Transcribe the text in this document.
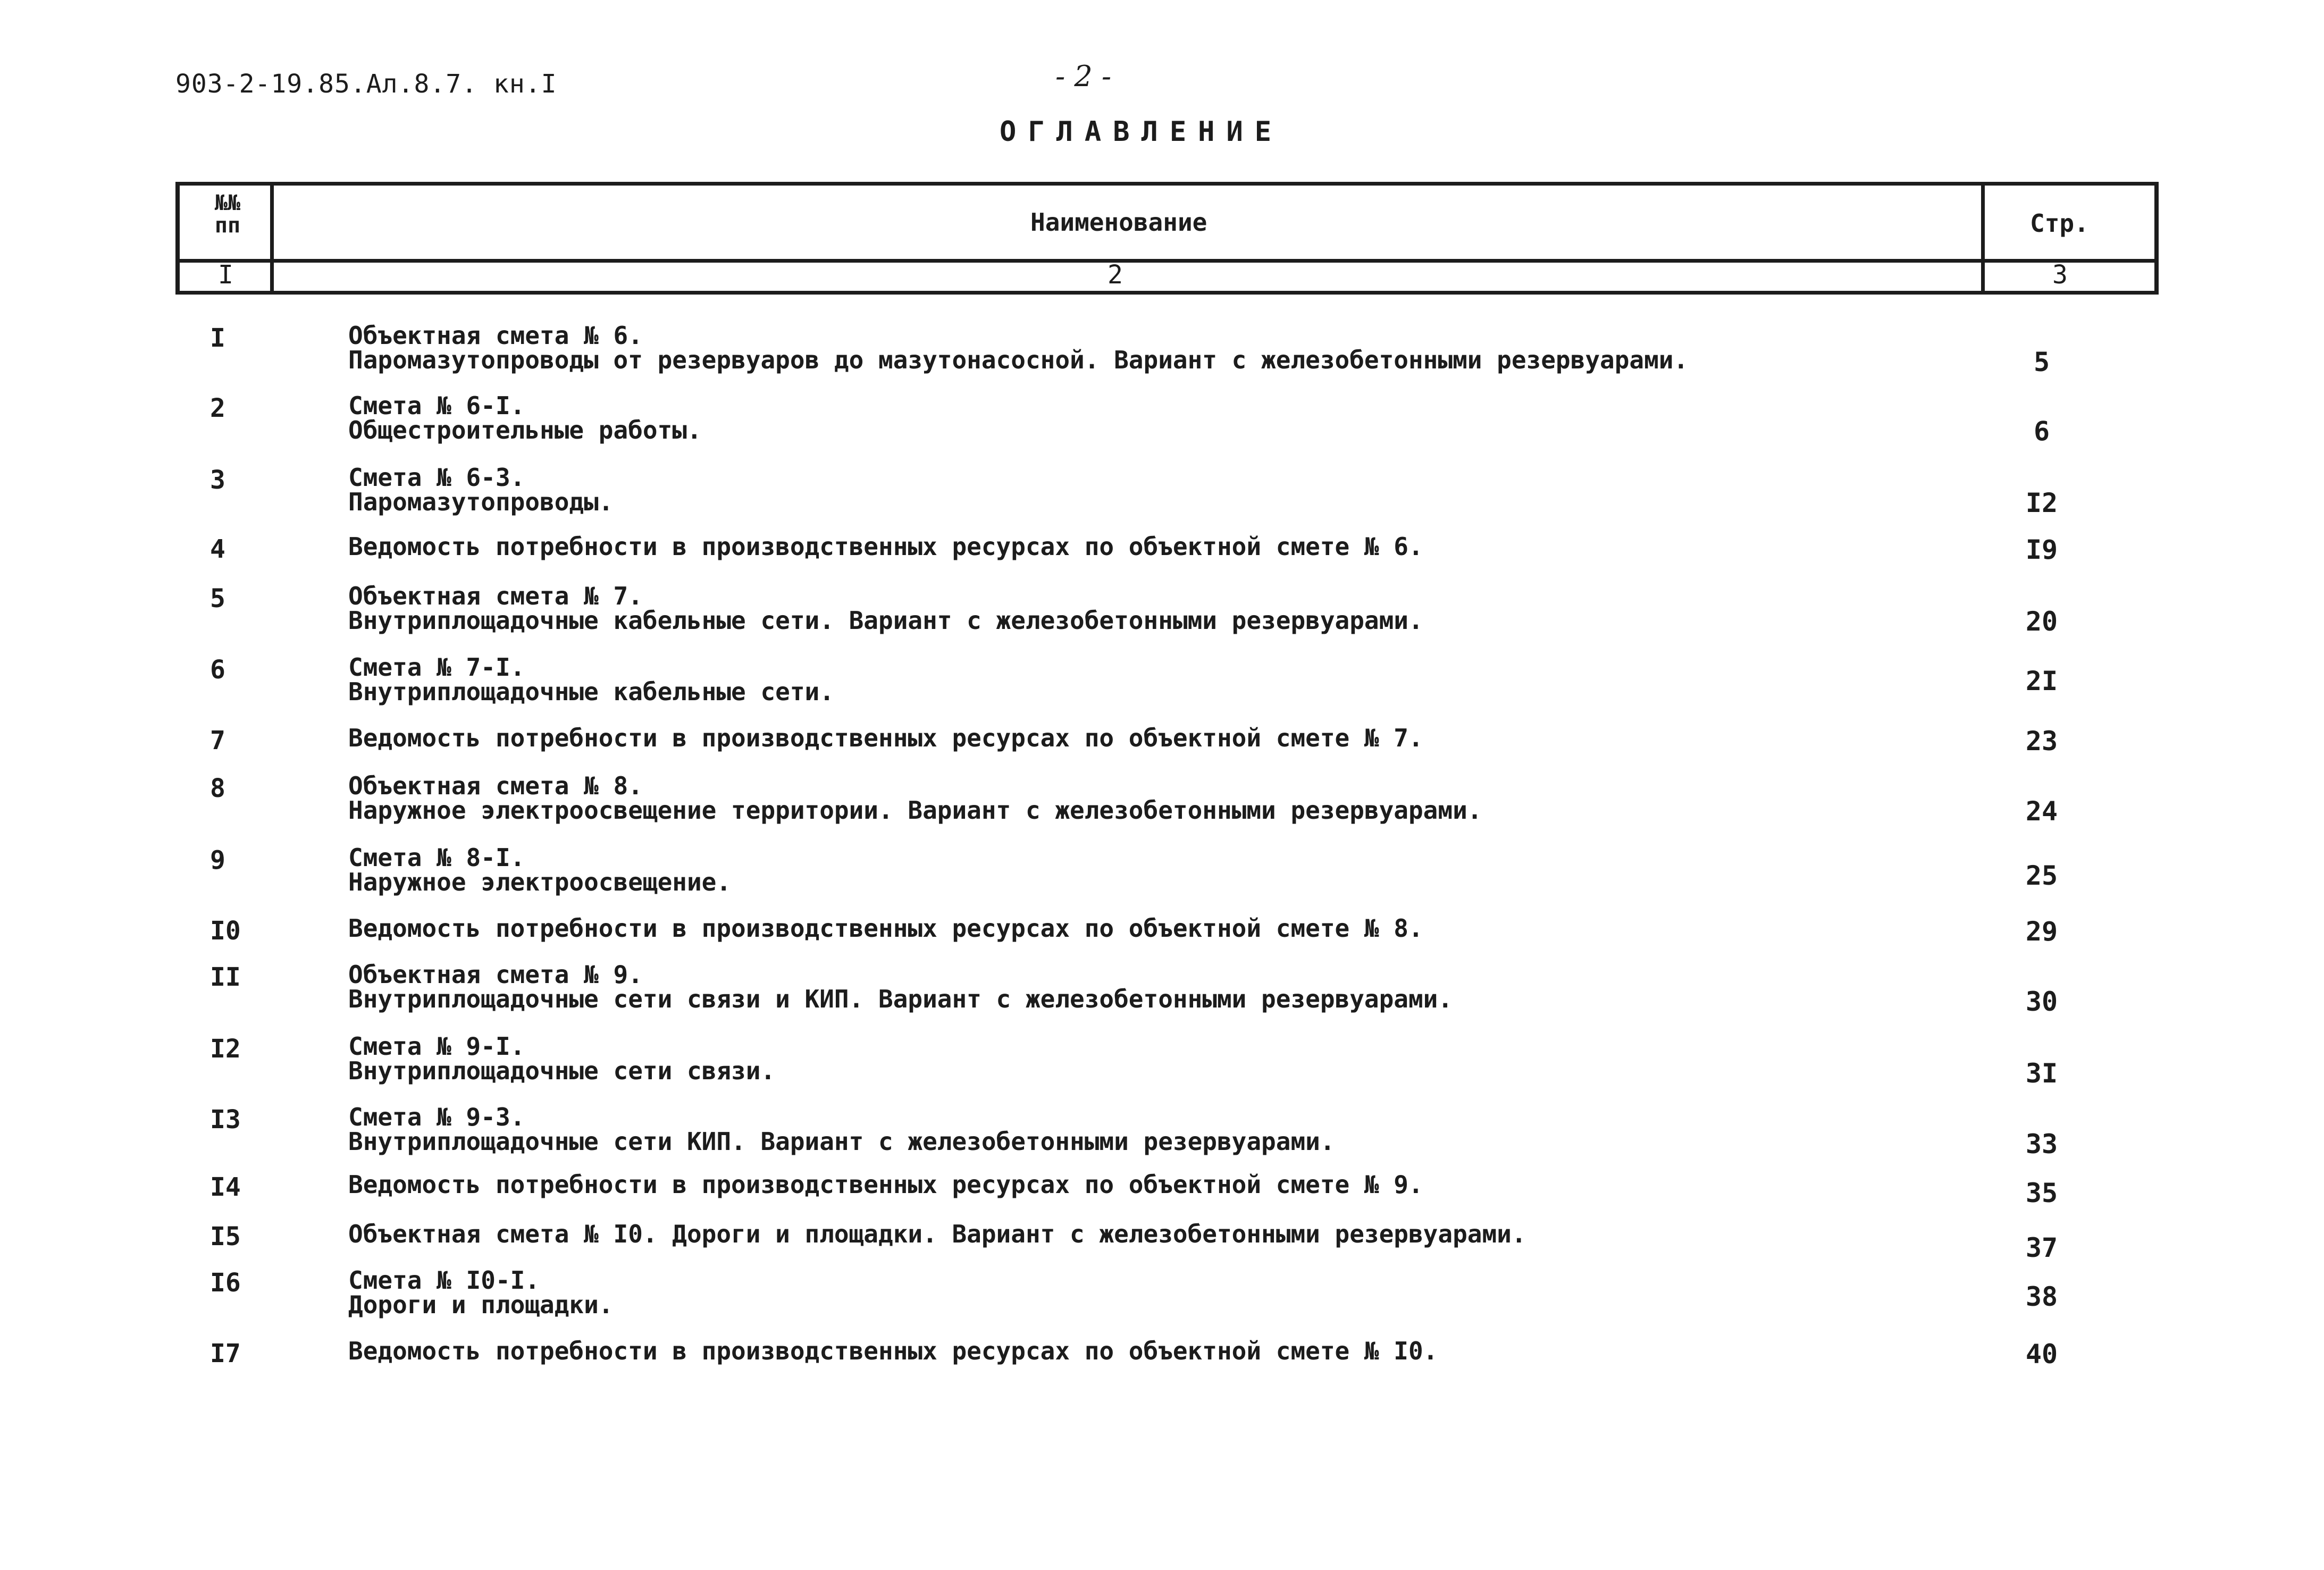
903-2-19.85.Ал.8.7. кн.I	- 2 -
ОГЛАВЛЕНИЕ
№№
пп	Наименование	Стр.
I	2	3
I	Объектная смета № 6.
Паромазутопроводы от резервуаров до мазутонасосной. Вариант с железобетонными резервуарами.	5
2	Смета № 6-I.
Общестроительные работы.	6
3	Смета № 6-3.
Паромазутопроводы.	I2
4	Ведомость потребности в производственных ресурсах по объектной смете № 6.	I9
5	Объектная смета № 7.
Внутриплощадочные кабельные сети. Вариант с железобетонными резервуарами.	20
6	Смета № 7-I.
Внутриплощадочные кабельные сети.	2I
7	Ведомость потребности в производственных ресурсах по объектной смете № 7.	23
8	Объектная смета № 8.
Наружное электроосвещение территории. Вариант с железобетонными резервуарами.	24
9	Смета № 8-I.
Наружное электроосвещение.	25
I0	Ведомость потребности в производственных ресурсах по объектной смете № 8.	29
II	Объектная смета № 9.
Внутриплощадочные сети связи и КИП. Вариант с железобетонными резервуарами.	30
I2	Смета № 9-I.
Внутриплощадочные сети связи.	3I
I3	Смета № 9-3.
Внутриплощадочные сети КИП. Вариант с железобетонными резервуарами.	33
I4	Ведомость потребности в производственных ресурсах по объектной смете № 9.	35
I5	Объектная смета № I0. Дороги и площадки. Вариант с железобетонными резервуарами.	37
I6	Смета № I0-I.
Дороги и площадки.	38
I7	Ведомость потребности в производственных ресурсах по объектной смете № I0.	40
